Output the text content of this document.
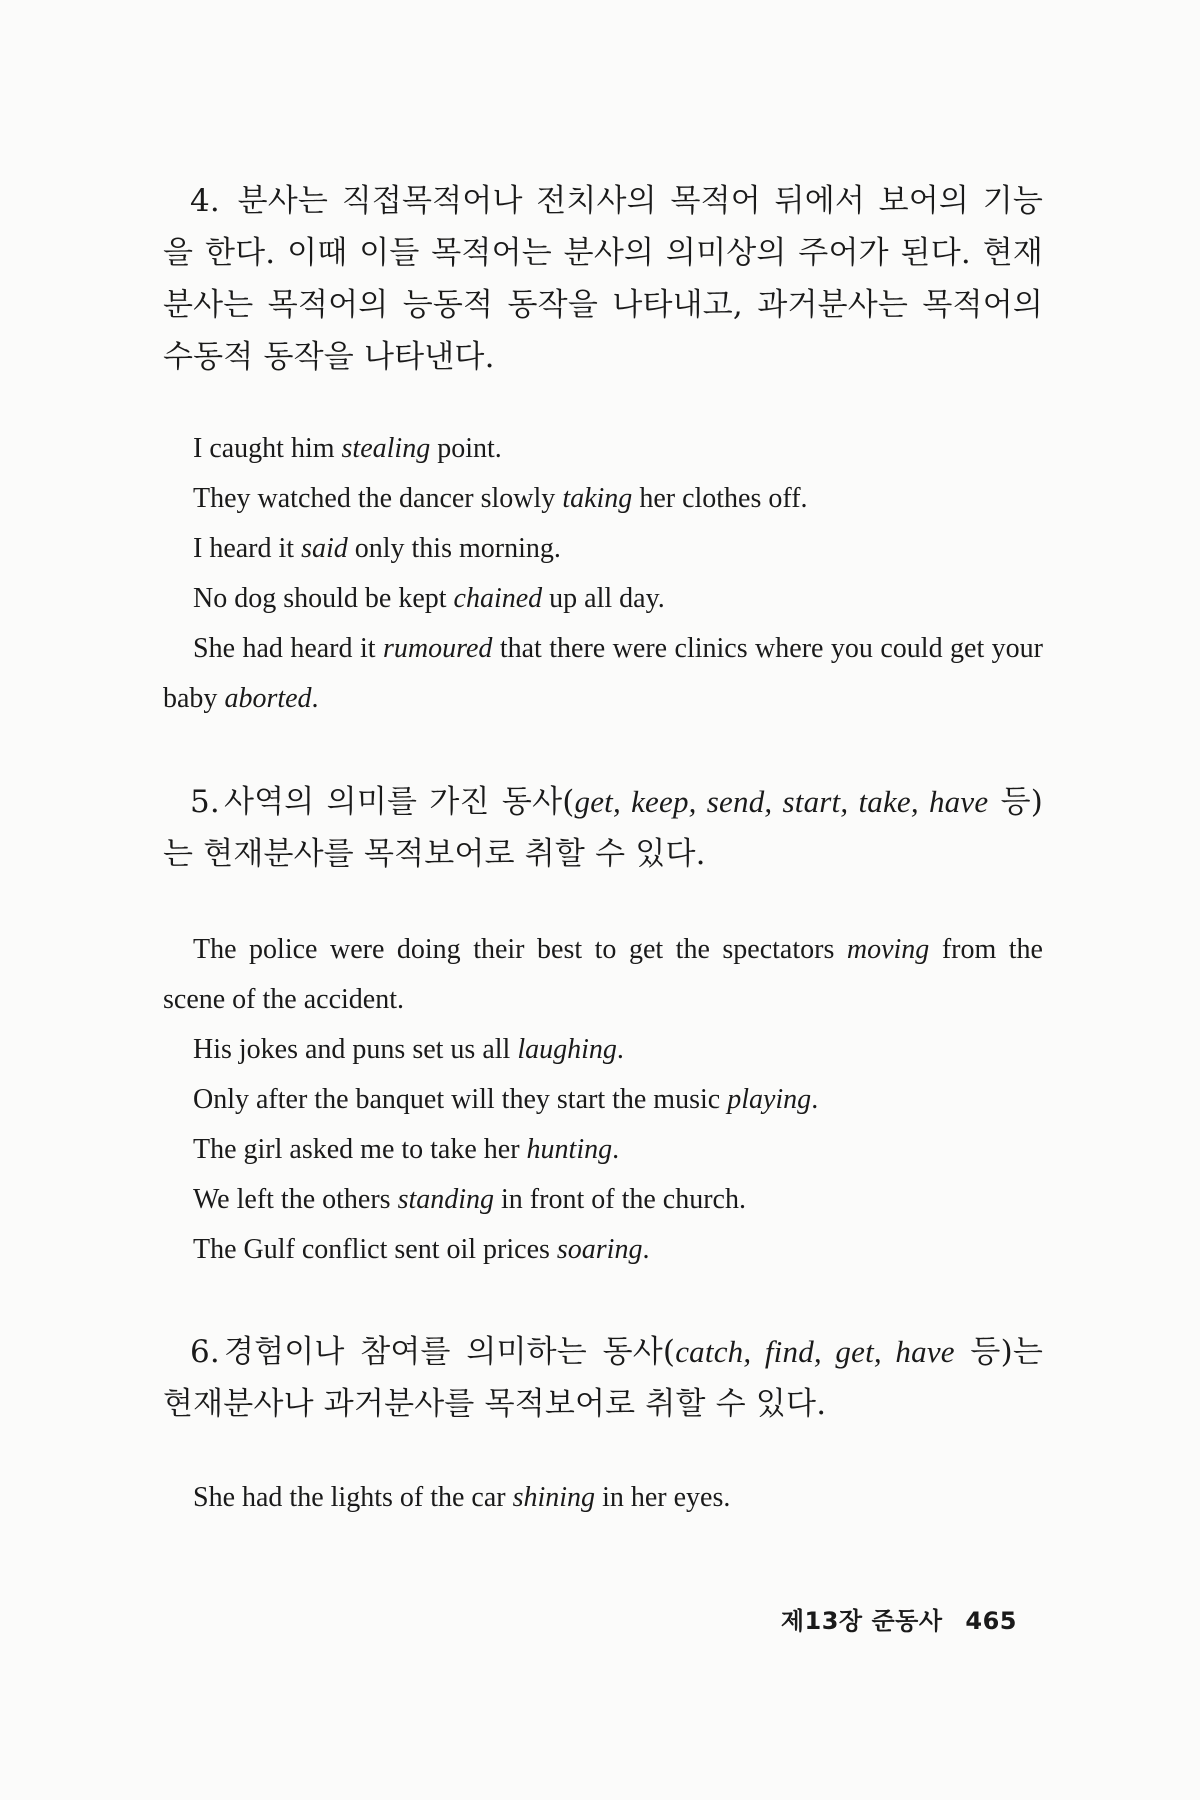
4. 분사는 직접목적어나 전치사의 목적어 뒤에서 보어의 기능을 한다. 이때 이들 목적어는 분사의 의미상의 주어가 된다. 현재분사는 목적어의 능동적 동작을 나타내고, 과거분사는 목적어의 수동적 동작을 나타낸다.

I caught him stealing point.

They watched the dancer slowly taking her clothes off.

I heard it said only this morning.

No dog should be kept chained up all day.

She had heard it rumoured that there were clinics where you could get your baby aborted.

5. 사역의 의미를 가진 동사(get, keep, send, start, take, have 등)는 현재분사를 목적보어로 취할 수 있다.

The police were doing their best to get the spectators moving from the scene of the accident.

His jokes and puns set us all laughing.

Only after the banquet will they start the music playing.

The girl asked me to take her hunting.

We left the others standing in front of the church.

The Gulf conflict sent oil prices soaring.

6. 경험이나 참여를 의미하는 동사(catch, find, get, have 등)는 현재분사나 과거분사를 목적보어로 취할 수 있다.

She had the lights of the car shining in her eyes.

제13장 준동사 465
